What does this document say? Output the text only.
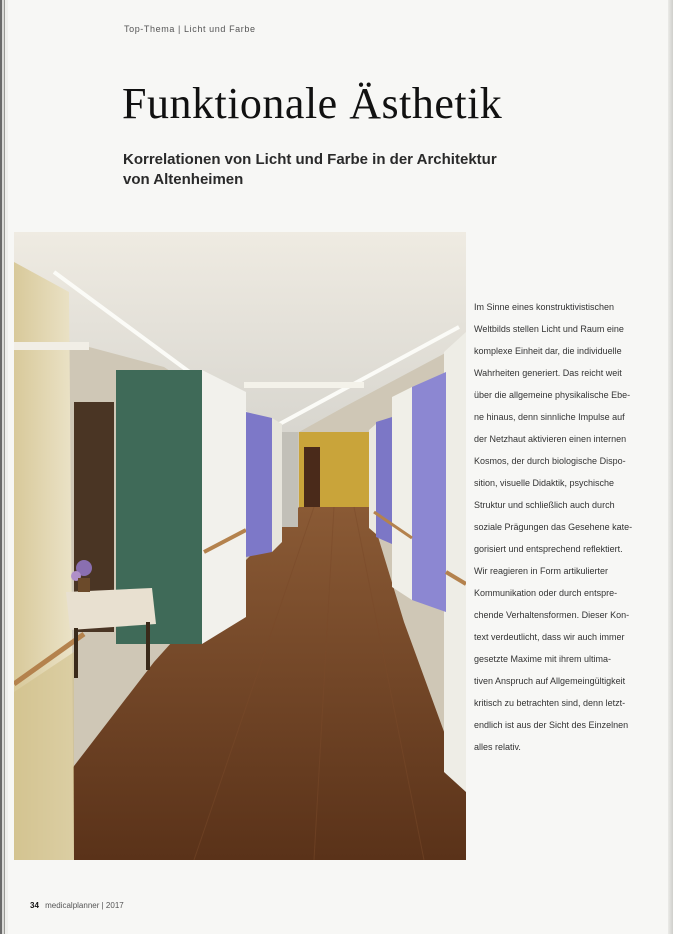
Top-Thema | Licht und Farbe
Funktionale Ästhetik
Korrelationen von Licht und Farbe in der Architektur
von Altenheimen
Im Sinne eines konstruktivistischen
Weltbilds stellen Licht und Raum eine
komplexe Einheit dar, die individuelle
Wahrheiten generiert. Das reicht weit
über die allgemeine physikalische Ebe-
ne hinaus, denn sinnliche Impulse auf
der Netzhaut aktivieren einen internen
Kosmos, der durch biologische Dispo-
sition, visuelle Didaktik, psychische
Struktur und schließlich auch durch
soziale Prägungen das Gesehene kate-
gorisiert und entsprechend reflektiert.
Wir reagieren in Form artikulierter
Kommunikation oder durch entspre-
chende Verhaltensformen. Dieser Kon-
text verdeutlicht, dass wir auch immer
gesetzte Maxime mit ihrem ultima-
tiven Anspruch auf Allgemeingültigkeit
kritisch zu betrachten sind, denn letzt-
endlich ist aus der Sicht des Einzelnen
alles relativ.
34 medicalplanner | 2017
